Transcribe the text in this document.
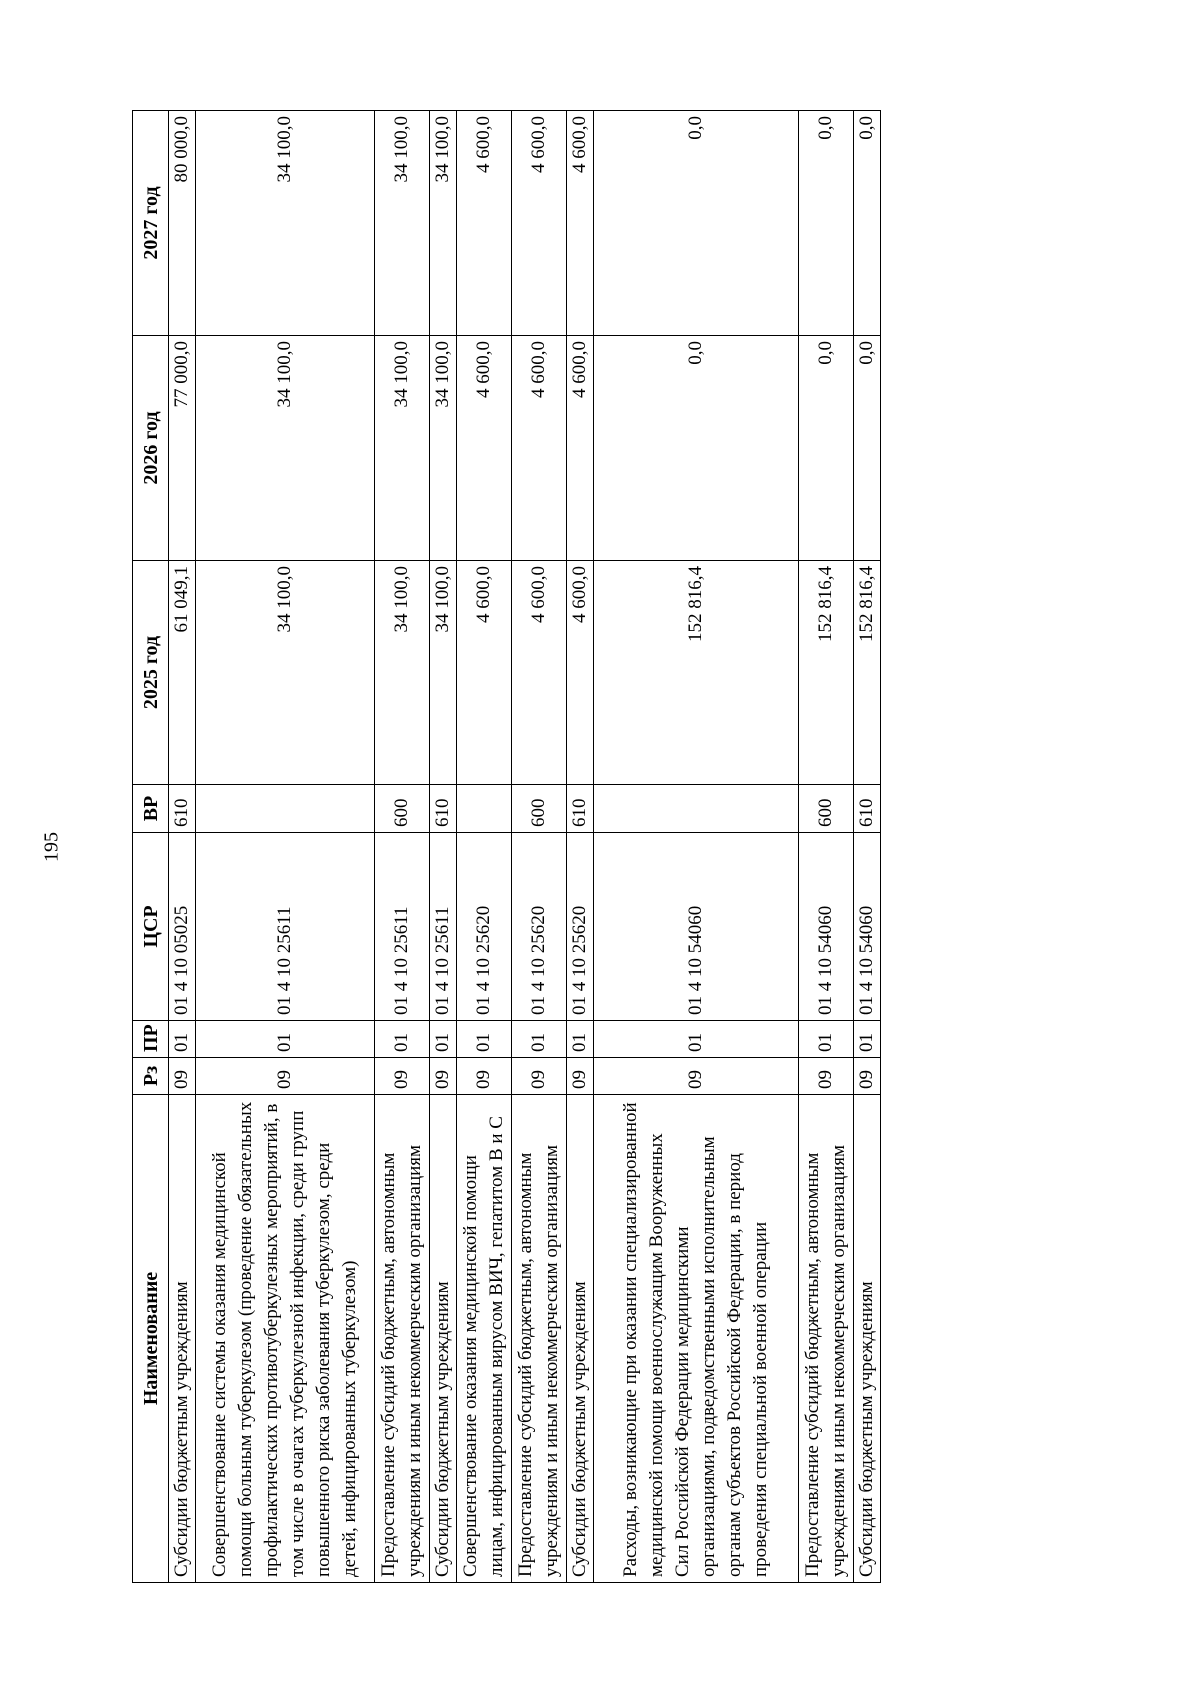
195
Наименование	Рз	ПР	ЦСР	ВР	2025 год	2026 год	2027 год
Субсидии бюджетным учреждениям	09	01	01 4 10 05025	610	61 049,1	77 000,0	80 000,0
Совершенствование системы оказания медицинской помощи больным туберкулезом (проведение обязательных профилактических противотуберкулезных мероприятий, в том числе в очагах туберкулезной инфекции, среди групп повышенного риска заболевания туберкулезом, среди детей, инфицированных туберкулезом)	09	01	01 4 10 25611		34 100,0	34 100,0	34 100,0
Предоставление субсидий бюджетным, автономным учреждениям и иным некоммерческим организациям	09	01	01 4 10 25611	600	34 100,0	34 100,0	34 100,0
Субсидии бюджетным учреждениям	09	01	01 4 10 25611	610	34 100,0	34 100,0	34 100,0
Совершенствование оказания медицинской помощи лицам, инфицированным вирусом ВИЧ, гепатитом В и С	09	01	01 4 10 25620		4 600,0	4 600,0	4 600,0
Предоставление субсидий бюджетным, автономным учреждениям и иным некоммерческим организациям	09	01	01 4 10 25620	600	4 600,0	4 600,0	4 600,0
Субсидии бюджетным учреждениям	09	01	01 4 10 25620	610	4 600,0	4 600,0	4 600,0
Расходы, возникающие при оказании специализированной медицинской помощи военнослужащим Вооруженных Сил Российской Федерации медицинскими организациями, подведомственными исполнительным органам субъектов Российской Федерации, в период проведения специальной военной операции	09	01	01 4 10 54060		152 816,4	0,0	0,0
Предоставление субсидий бюджетным, автономным учреждениям и иным некоммерческим организациям	09	01	01 4 10 54060	600	152 816,4	0,0	0,0
Субсидии бюджетным учреждениям	09	01	01 4 10 54060	610	152 816,4	0,0	0,0
